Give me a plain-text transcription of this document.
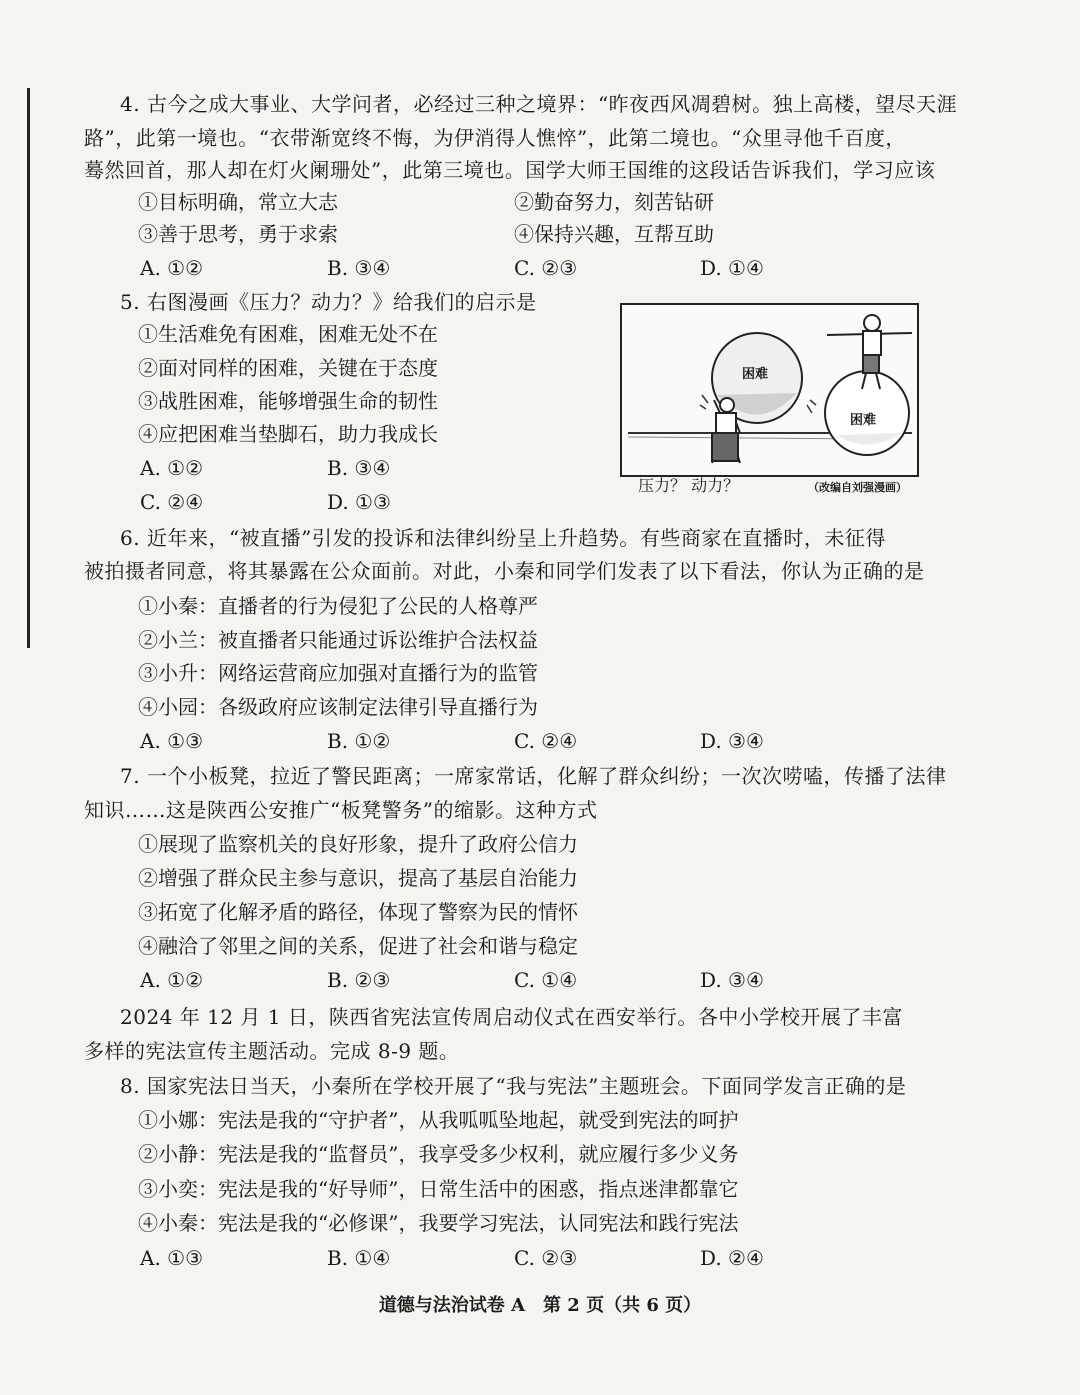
4. 古今之成大事业、大学问者，必经过三种之境界：“昨夜西风凋碧树。独上高楼，望尽天涯
路”，此第一境也。“衣带渐宽终不悔，为伊消得人憔悴”，此第二境也。“众里寻他千百度，
蓦然回首，那人却在灯火阑珊处”，此第三境也。国学大师王国维的这段话告诉我们，学习应该
①目标明确，常立大志	②勤奋努力，刻苦钻研
③善于思考，勇于求索	④保持兴趣，互帮互助
A. ①②	B. ③④	C. ②③	D. ①④
5. 右图漫画《压力？动力？》给我们的启示是
①生活难免有困难，困难无处不在
②面对同样的困难，关键在于态度
③战胜困难，能够增强生命的韧性
④应把困难当垫脚石，助力我成长
A. ①②	B. ③④
C. ②④	D. ①③
困难
困难
压力？ 动力？	（改编自刘强漫画）
6. 近年来，“被直播”引发的投诉和法律纠纷呈上升趋势。有些商家在直播时，未征得
被拍摄者同意，将其暴露在公众面前。对此，小秦和同学们发表了以下看法，你认为正确的是
①小秦：直播者的行为侵犯了公民的人格尊严
②小兰：被直播者只能通过诉讼维护合法权益
③小升：网络运营商应加强对直播行为的监管
④小园：各级政府应该制定法律引导直播行为
A. ①③	B. ①②	C. ②④	D. ③④
7. 一个小板凳，拉近了警民距离；一席家常话，化解了群众纠纷；一次次唠嗑，传播了法律
知识……这是陕西公安推广“板凳警务”的缩影。这种方式
①展现了监察机关的良好形象，提升了政府公信力
②增强了群众民主参与意识，提高了基层自治能力
③拓宽了化解矛盾的路径，体现了警察为民的情怀
④融洽了邻里之间的关系，促进了社会和谐与稳定
A. ①②	B. ②③	C. ①④	D. ③④
2024 年 12 月 1 日，陕西省宪法宣传周启动仪式在西安举行。各中小学校开展了丰富
多样的宪法宣传主题活动。完成 8-9 题。
8. 国家宪法日当天，小秦所在学校开展了“我与宪法”主题班会。下面同学发言正确的是
①小娜：宪法是我的“守护者”，从我呱呱坠地起，就受到宪法的呵护
②小静：宪法是我的“监督员”，我享受多少权利，就应履行多少义务
③小奕：宪法是我的“好导师”，日常生活中的困惑，指点迷津都靠它
④小秦：宪法是我的“必修课”，我要学习宪法，认同宪法和践行宪法
A. ①③	B. ①④	C. ②③	D. ②④
道德与法治试卷 A　第 2 页（共 6 页）
